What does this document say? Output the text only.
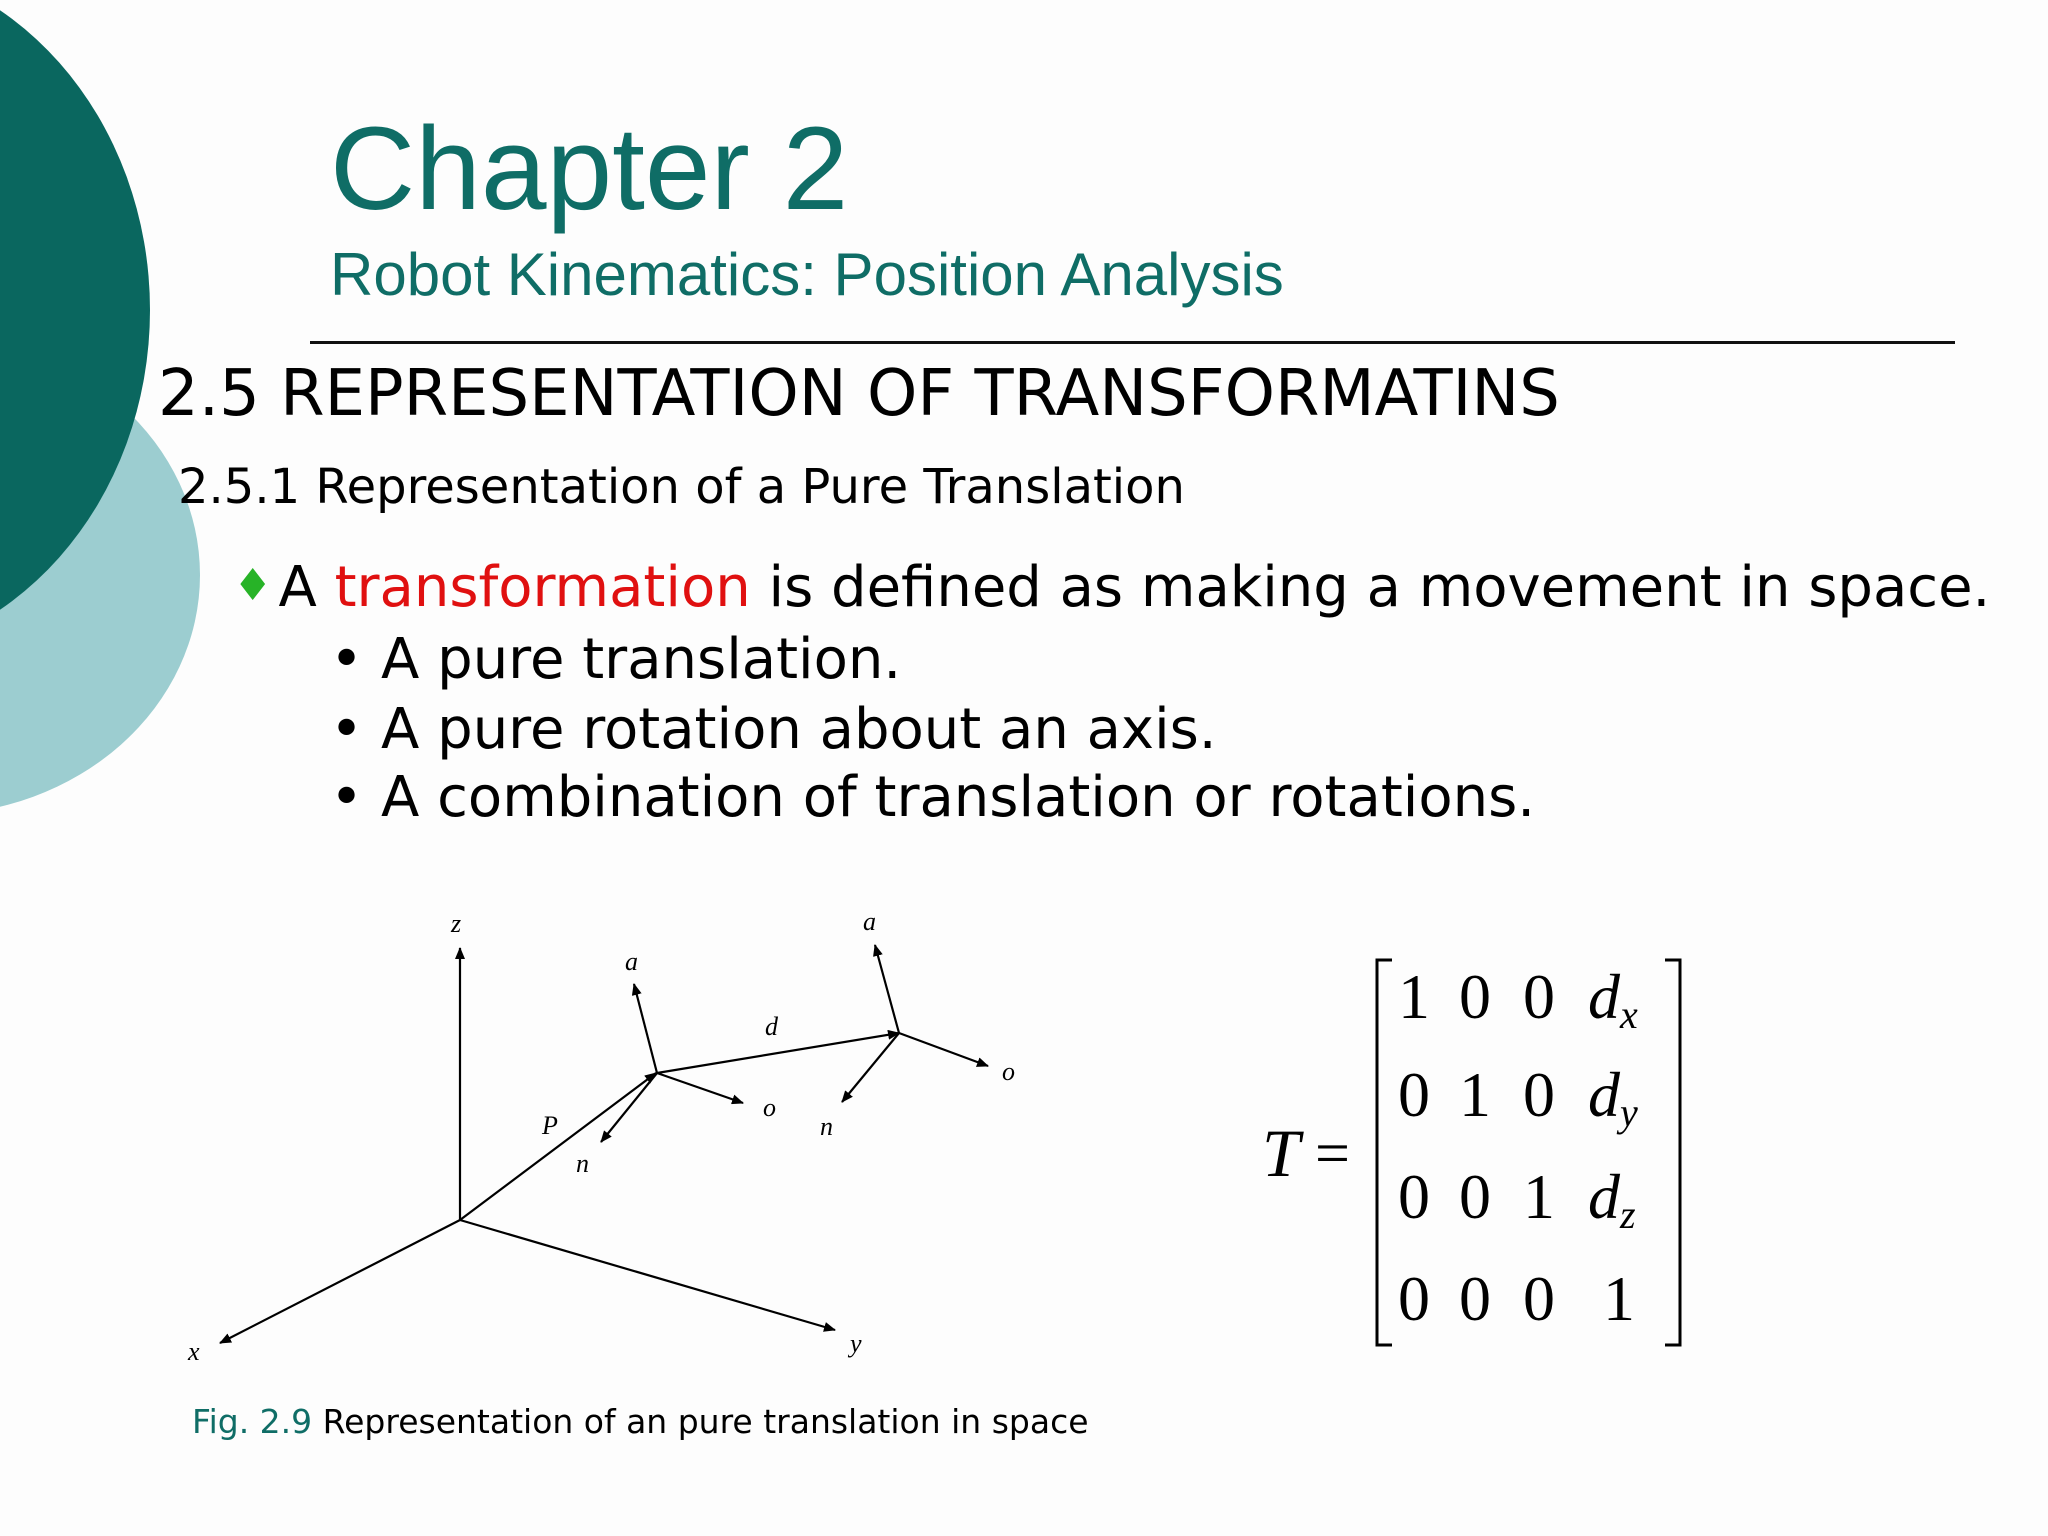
Chapter 2
Robot Kinematics: Position Analysis
2.5 REPRESENTATION OF TRANSFORMATINS
2.5.1 Representation of a Pure Translation
♦ A transformation is defined as making a movement in space.
• A pure translation.
• A pure rotation about an axis.
• A combination of translation or rotations.
z
x	y
P
d
a
n
o
a
n
o
T =
1 0 0 dx
0 1 0 dy
0 0 1 dz
0 0 0 1
Fig. 2.9 Representation of an pure translation in space
